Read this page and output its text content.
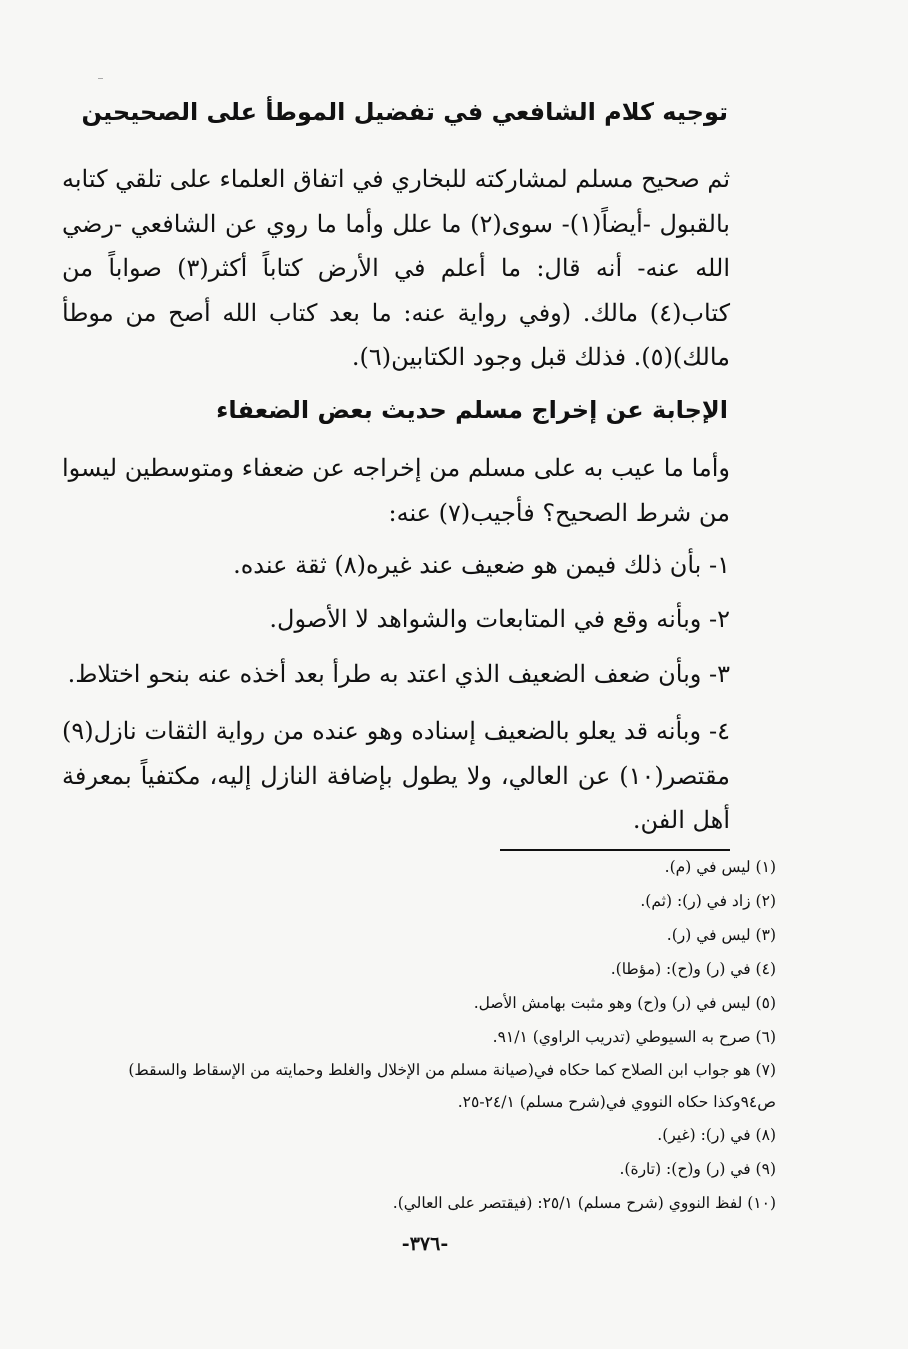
توجيه كلام الشافعي في تفضيل الموطأ على الصحيحين
ثم صحيح مسلم لمشاركته للبخاري في اتفاق العلماء على تلقي كتابه بالقبول -أيضاً(١)- سوى(٢) ما علل وأما ما روي عن الشافعي -رضي الله عنه- أنه قال: ما أعلم في الأرض كتاباً أكثر(٣) صواباً من كتاب(٤) مالك. (وفي رواية عنه: ما بعد كتاب الله أصح من موطأ مالك)(٥). فذلك قبل وجود الكتابين(٦).
الإجابة عن إخراج مسلم حديث بعض الضعفاء
وأما ما عيب به على مسلم من إخراجه عن ضعفاء ومتوسطين ليسوا من شرط الصحيح؟ فأجيب(٧) عنه:
١- بأن ذلك فيمن هو ضعيف عند غيره(٨) ثقة عنده.
٢- وبأنه وقع في المتابعات والشواهد لا الأصول.
٣- وبأن ضعف الضعيف الذي اعتد به طرأ بعد أخذه عنه بنحو اختلاط.
٤- وبأنه قد يعلو بالضعيف إسناده وهو عنده من رواية الثقات نازل(٩) مقتصر(١٠) عن العالي، ولا يطول بإضافة النازل إليه، مكتفياً بمعرفة أهل الفن.
(١) ليس في (م).
(٢) زاد في (ر): (ثم).
(٣) ليس في (ر).
(٤) في (ر) و(ح): (مؤطا).
(٥) ليس في (ر) و(ح) وهو مثبت بهامش الأصل.
(٦) صرح به السيوطي (تدريب الراوي) ٩١/١.
(٧) هو جواب ابن الصلاح كما حكاه في(صيانة مسلم من الإخلال والغلط وحمايته من الإسقاط والسقط) ص٩٤وكذا حكاه النووي في(شرح مسلم) ٢٤/١-٢٥.
(٨) في (ر): (غير).
(٩) في (ر) و(ح): (تارة).
(١٠) لفظ النووي (شرح مسلم) ٢٥/١: (فيقتصر على العالي).
-٣٧٦-
